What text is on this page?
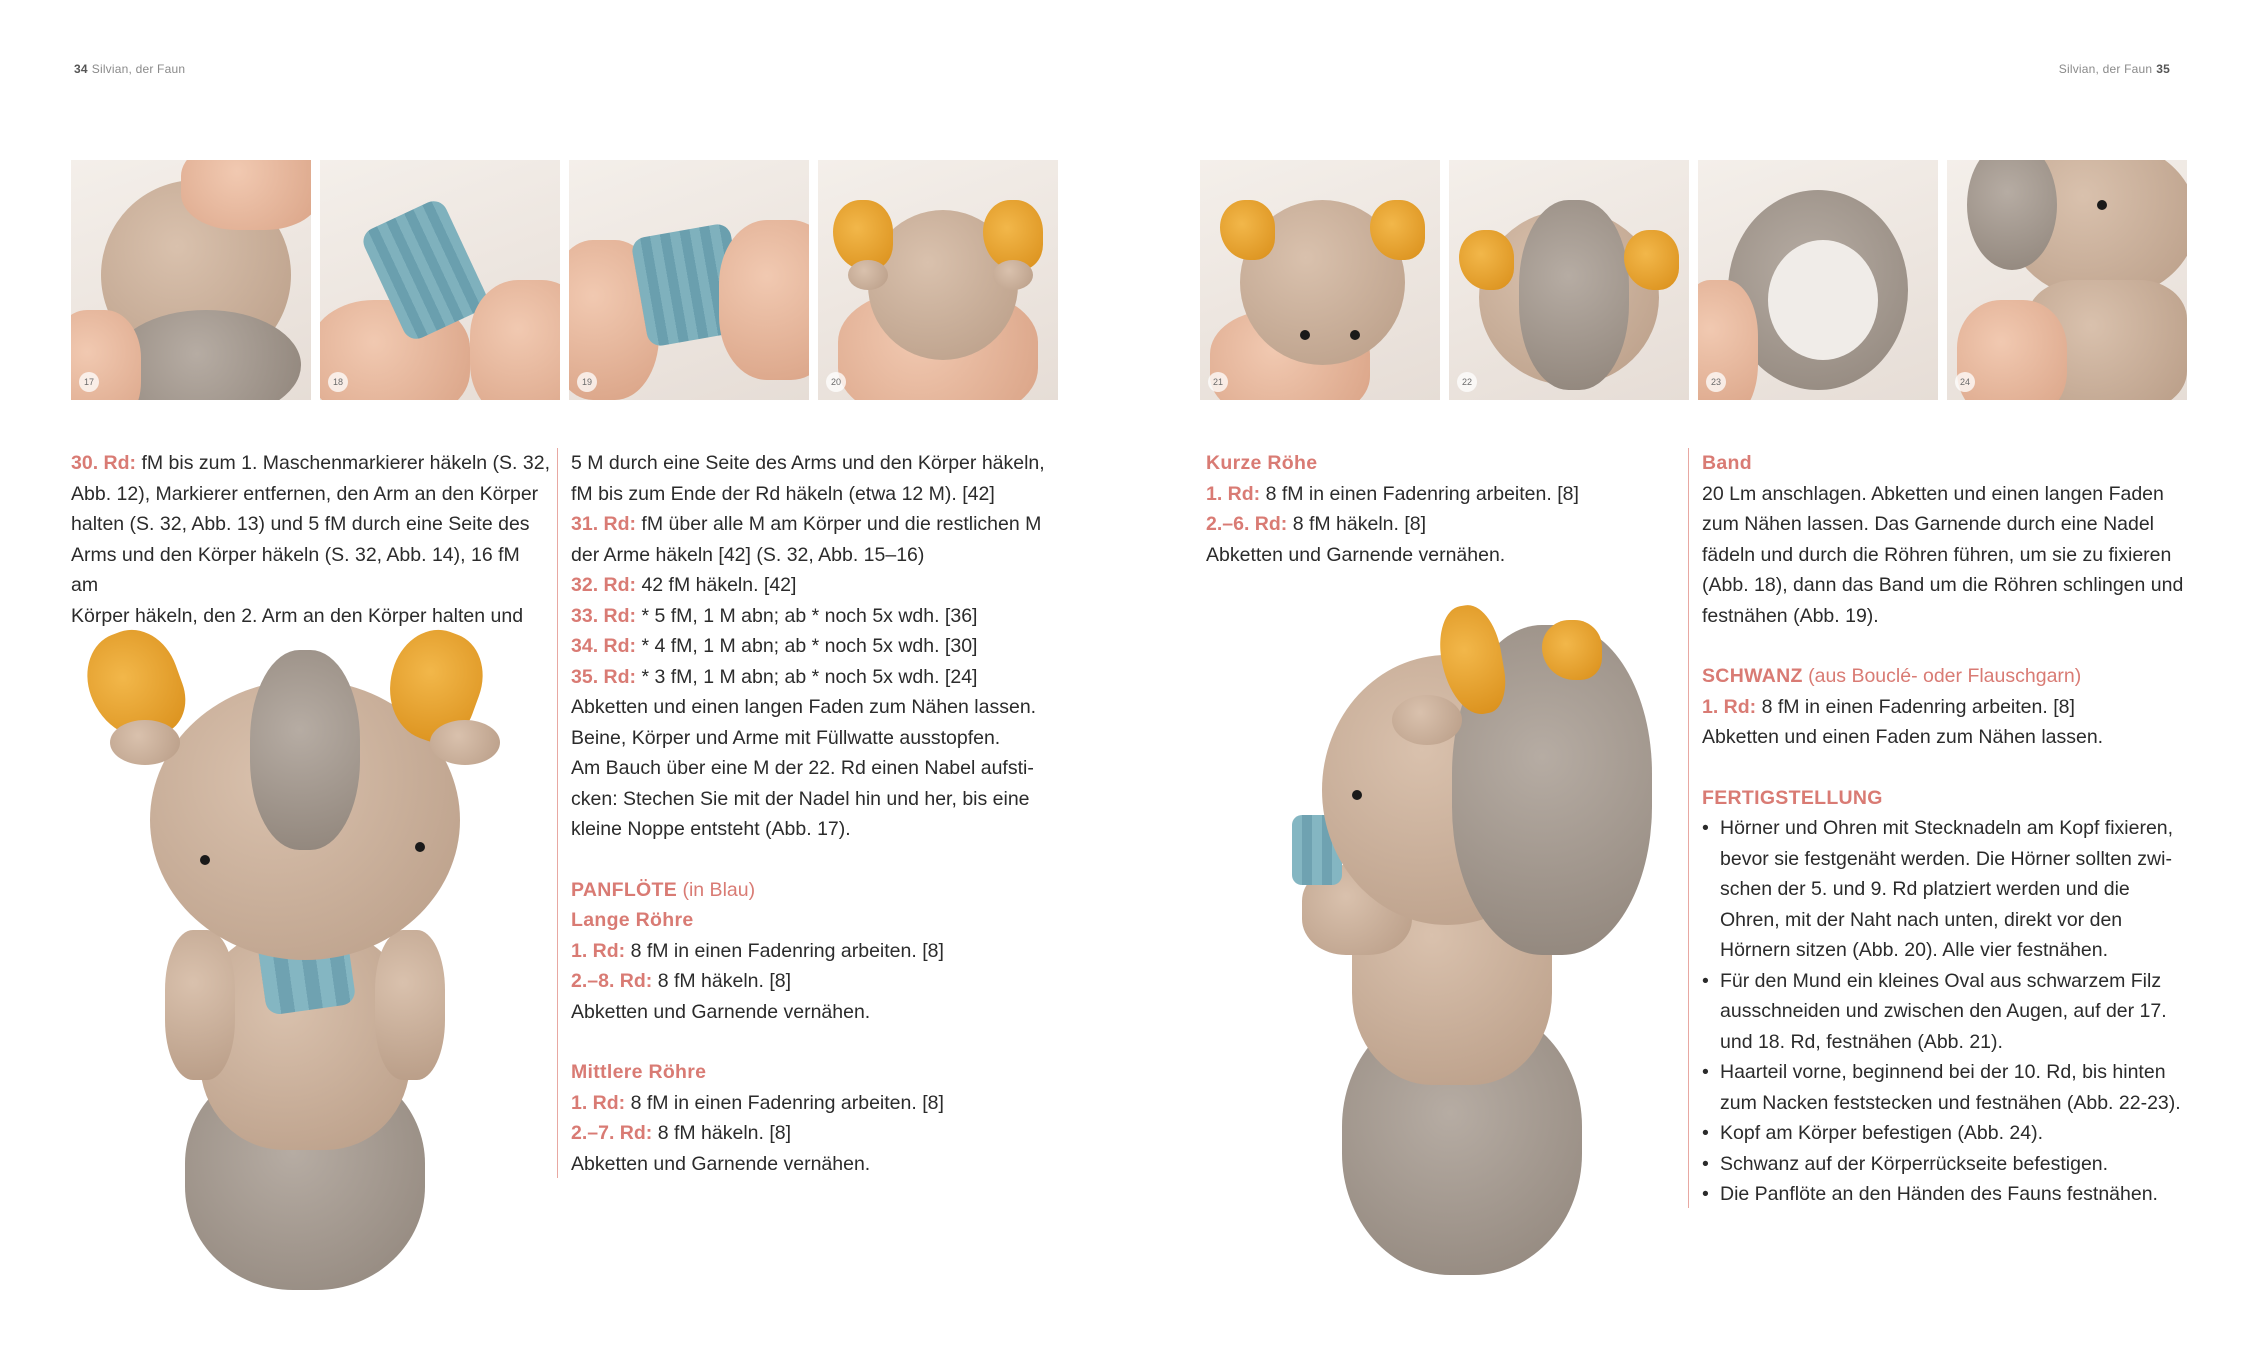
34 Silvian, der Faun
17	18	19	20

30. Rd: fM bis zum 1. Maschenmarkierer häkeln (S. 32,
Abb. 12), Markierer entfernen, den Arm an den Körper
halten (S. 32, Abb. 13) und 5 fM durch eine Seite des
Arms und den Körper häkeln (S. 32, Abb. 14), 16 fM am
Körper häkeln, den 2. Arm an den Körper halten und

5 M durch eine Seite des Arms und den Körper häkeln,
fM bis zum Ende der Rd häkeln (etwa 12 M). [42]

31. Rd: fM über alle M am Körper und die restlichen M
der Arme häkeln [42] (S. 32, Abb. 15–16)

32. Rd: 42 fM häkeln. [42]

33. Rd: * 5 fM, 1 M abn; ab * noch 5x wdh. [36]

34. Rd: * 4 fM, 1 M abn; ab * noch 5x wdh. [30]

35. Rd: * 3 fM, 1 M abn; ab * noch 5x wdh. [24]

Abketten und einen langen Faden zum Nähen lassen.
Beine, Körper und Arme mit Füllwatte ausstopfen.
Am Bauch über eine M der 22. Rd einen Nabel aufsti-
cken: Stechen Sie mit der Nadel hin und her, bis eine
kleine Noppe entsteht (Abb. 17).

PANFLÖTE (in Blau)

Lange Röhre

1. Rd: 8 fM in einen Fadenring arbeiten. [8]

2.–8. Rd: 8 fM häkeln. [8]

Abketten und Garnende vernähen.

Mittlere Röhre

1. Rd: 8 fM in einen Fadenring arbeiten. [8]

2.–7. Rd: 8 fM häkeln. [8]

Abketten und Garnende vernähen.

Silvian, der Faun 35
21	22	23	24

Kurze Röhe

1. Rd: 8 fM in einen Fadenring arbeiten. [8]

2.–6. Rd: 8 fM häkeln. [8]

Abketten und Garnende vernähen.

Band

20 Lm anschlagen. Abketten und einen langen Faden
zum Nähen lassen. Das Garnende durch eine Nadel
fädeln und durch die Röhren führen, um sie zu fixieren
(Abb. 18), dann das Band um die Röhren schlingen und
festnähen (Abb. 19).

SCHWANZ (aus Bouclé- oder Flauschgarn)

1. Rd: 8 fM in einen Fadenring arbeiten. [8]

Abketten und einen Faden zum Nähen lassen.

FERTIGSTELLUNG

• Hörner und Ohren mit Stecknadeln am Kopf fixieren,
bevor sie festgenäht werden. Die Hörner sollten zwi-
schen der 5. und 9. Rd platziert werden und die
Ohren, mit der Naht nach unten, direkt vor den
Hörnern sitzen (Abb. 20). Alle vier festnähen.
• Für den Mund ein kleines Oval aus schwarzem Filz
ausschneiden und zwischen den Augen, auf der 17.
und 18. Rd, festnähen (Abb. 21).
• Haarteil vorne, beginnend bei der 10. Rd, bis hinten
zum Nacken feststecken und festnähen (Abb. 22-23).
• Kopf am Körper befestigen (Abb. 24).
• Schwanz auf der Körperrückseite befestigen.
• Die Panflöte an den Händen des Fauns festnähen.
